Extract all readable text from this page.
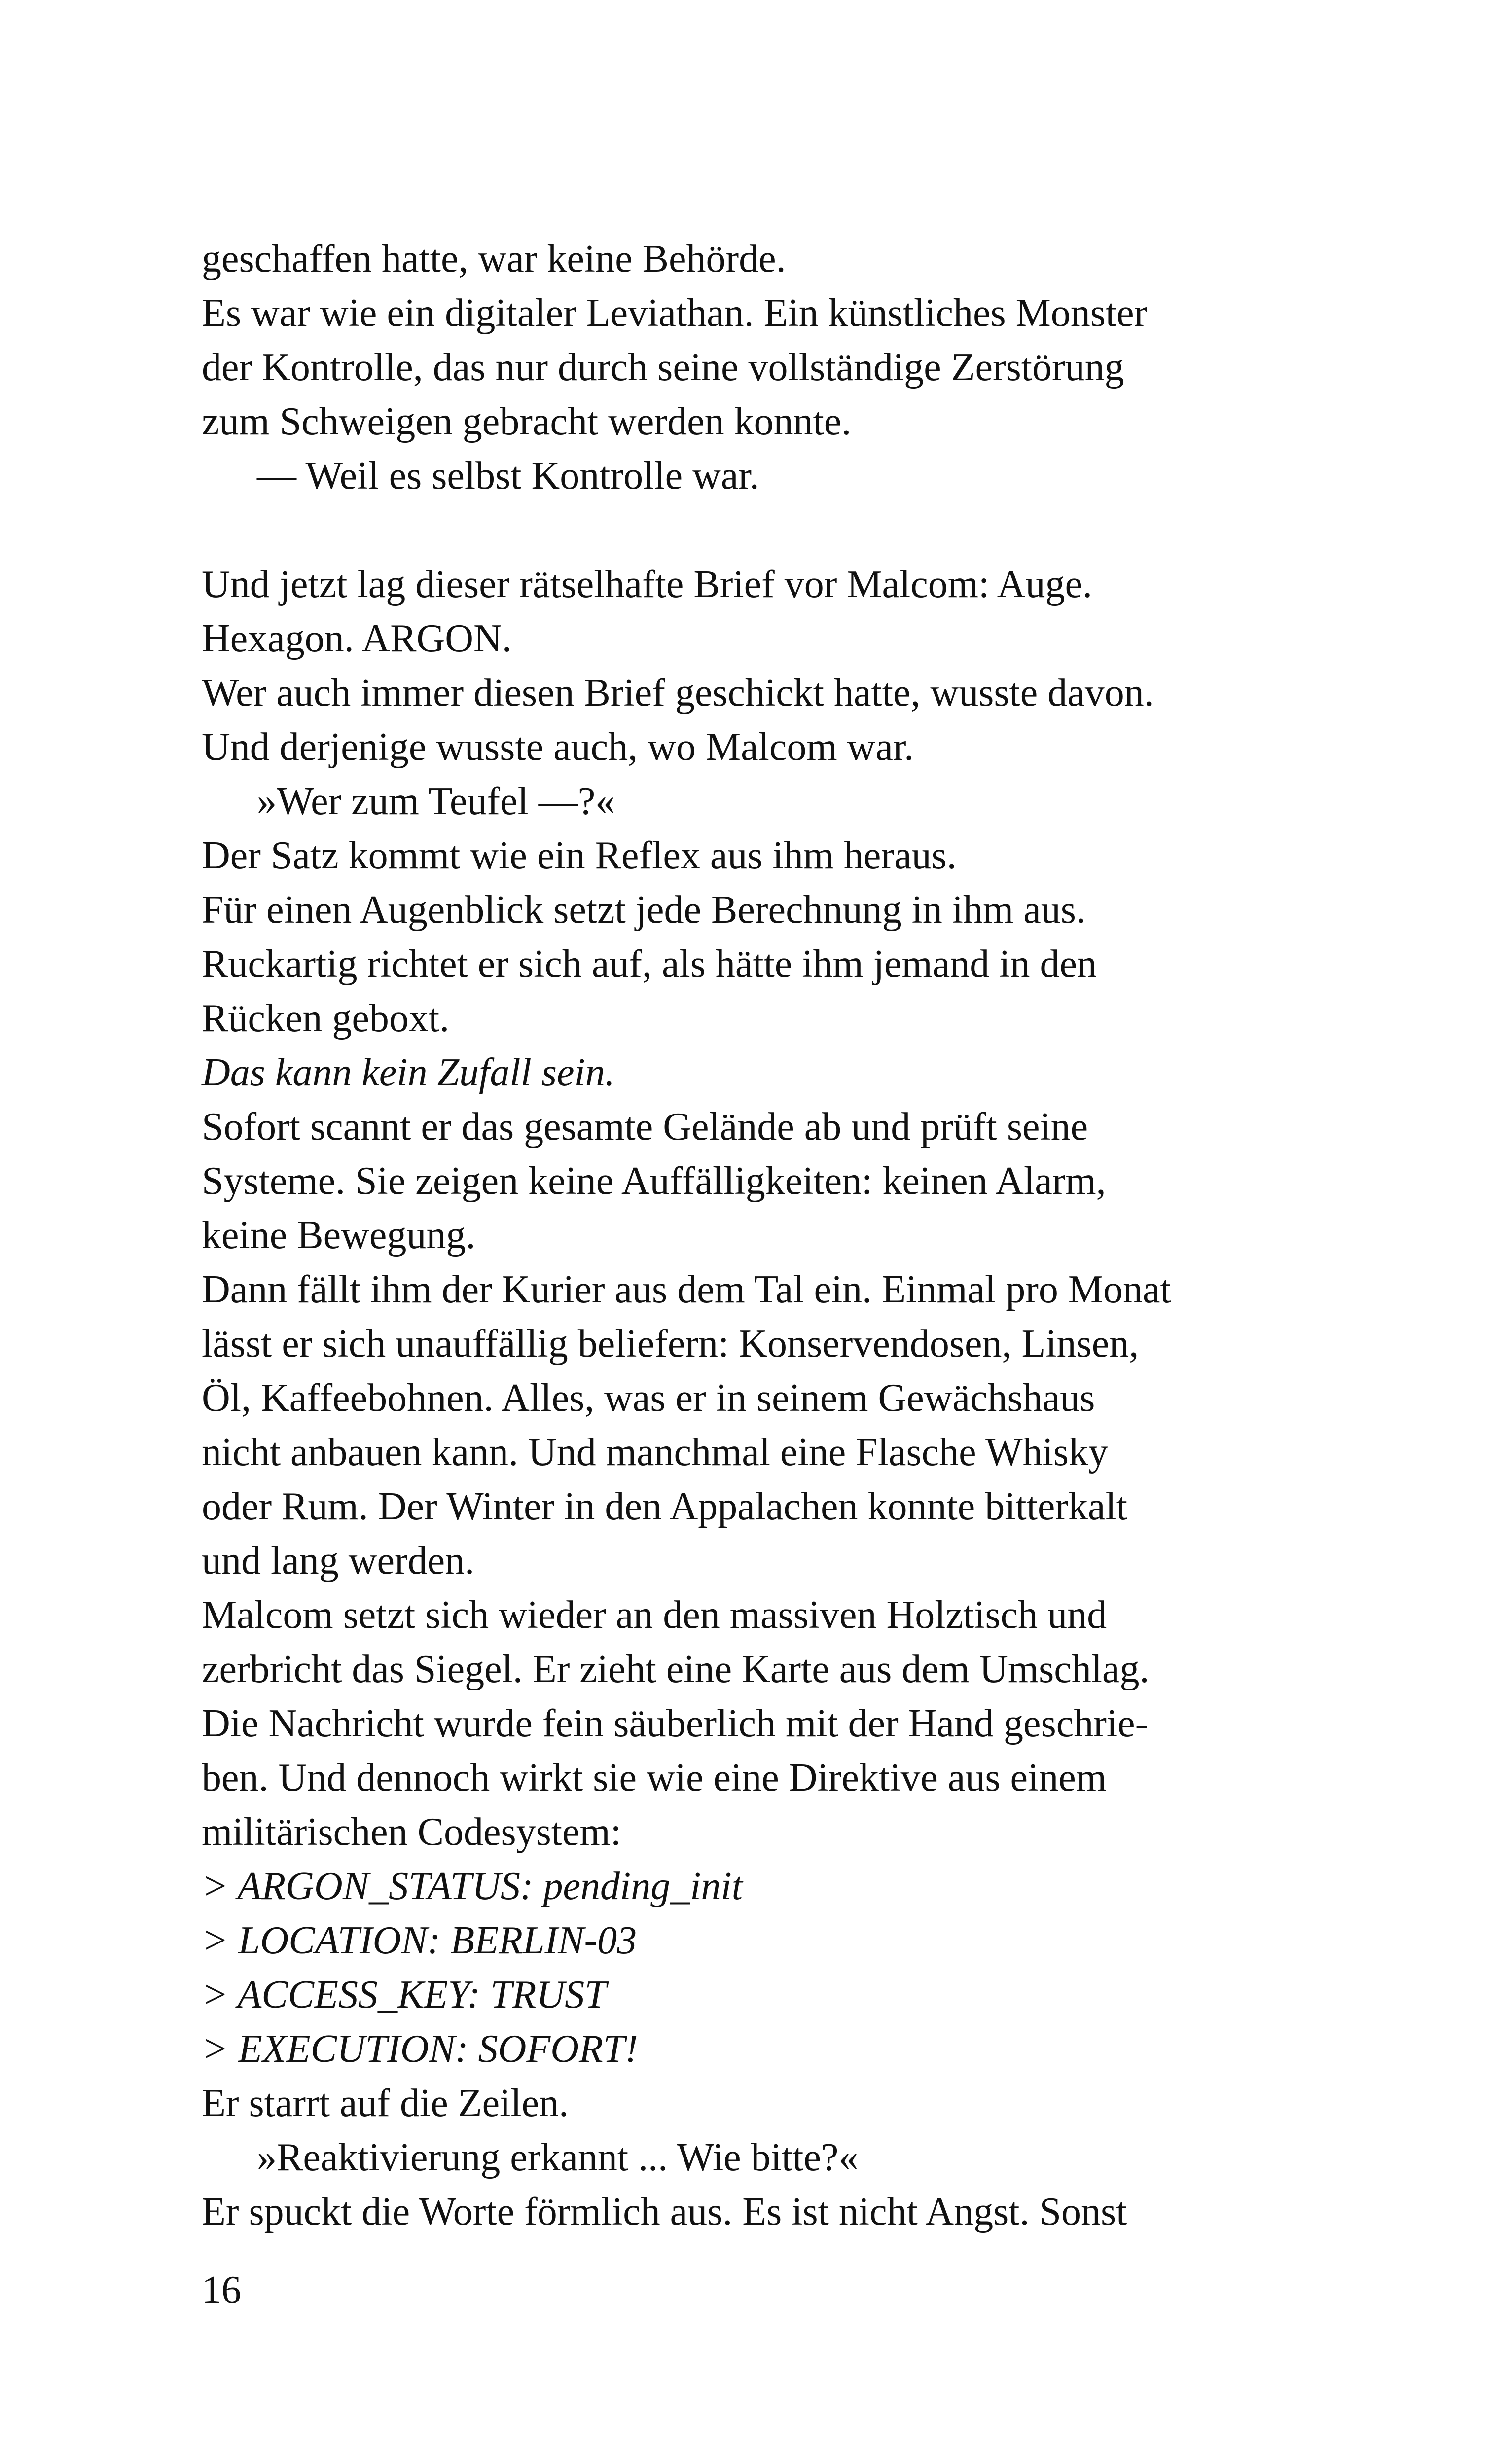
geschaffen hatte, war keine Behörde.
Es war wie ein digitaler Leviathan. Ein künstliches Monster
der Kontrolle, das nur durch seine vollständige Zerstörung
zum Schweigen gebracht werden konnte.
— Weil es selbst Kontrolle war.
Und jetzt lag dieser rätselhafte Brief vor Malcom: Auge.
Hexagon. ARGON.
Wer auch immer diesen Brief geschickt hatte, wusste davon.
Und derjenige wusste auch, wo Malcom war.
»Wer zum Teufel —?«
Der Satz kommt wie ein Reflex aus ihm heraus.
Für einen Augenblick setzt jede Berechnung in ihm aus.
Ruckartig richtet er sich auf, als hätte ihm jemand in den
Rücken geboxt.
Das kann kein Zufall sein.
Sofort scannt er das gesamte Gelände ab und prüft seine
Systeme. Sie zeigen keine Auffälligkeiten: keinen Alarm,
keine Bewegung.
Dann fällt ihm der Kurier aus dem Tal ein. Einmal pro Monat
lässt er sich unauffällig beliefern: Konservendosen, Linsen,
Öl, Kaffeebohnen. Alles, was er in seinem Gewächshaus
nicht anbauen kann. Und manchmal eine Flasche Whisky
oder Rum. Der Winter in den Appalachen konnte bitterkalt
und lang werden.
Malcom setzt sich wieder an den massiven Holztisch und
zerbricht das Siegel. Er zieht eine Karte aus dem Umschlag.
Die Nachricht wurde fein säuberlich mit der Hand geschrie-
ben. Und dennoch wirkt sie wie eine Direktive aus einem
militärischen Codesystem:
> ARGON_STATUS: pending_init
> LOCATION: BERLIN-03
> ACCESS_KEY: TRUST
> EXECUTION: SOFORT!
Er starrt auf die Zeilen.
»Reaktivierung erkannt ... Wie bitte?«
Er spuckt die Worte förmlich aus. Es ist nicht Angst. Sonst
16
